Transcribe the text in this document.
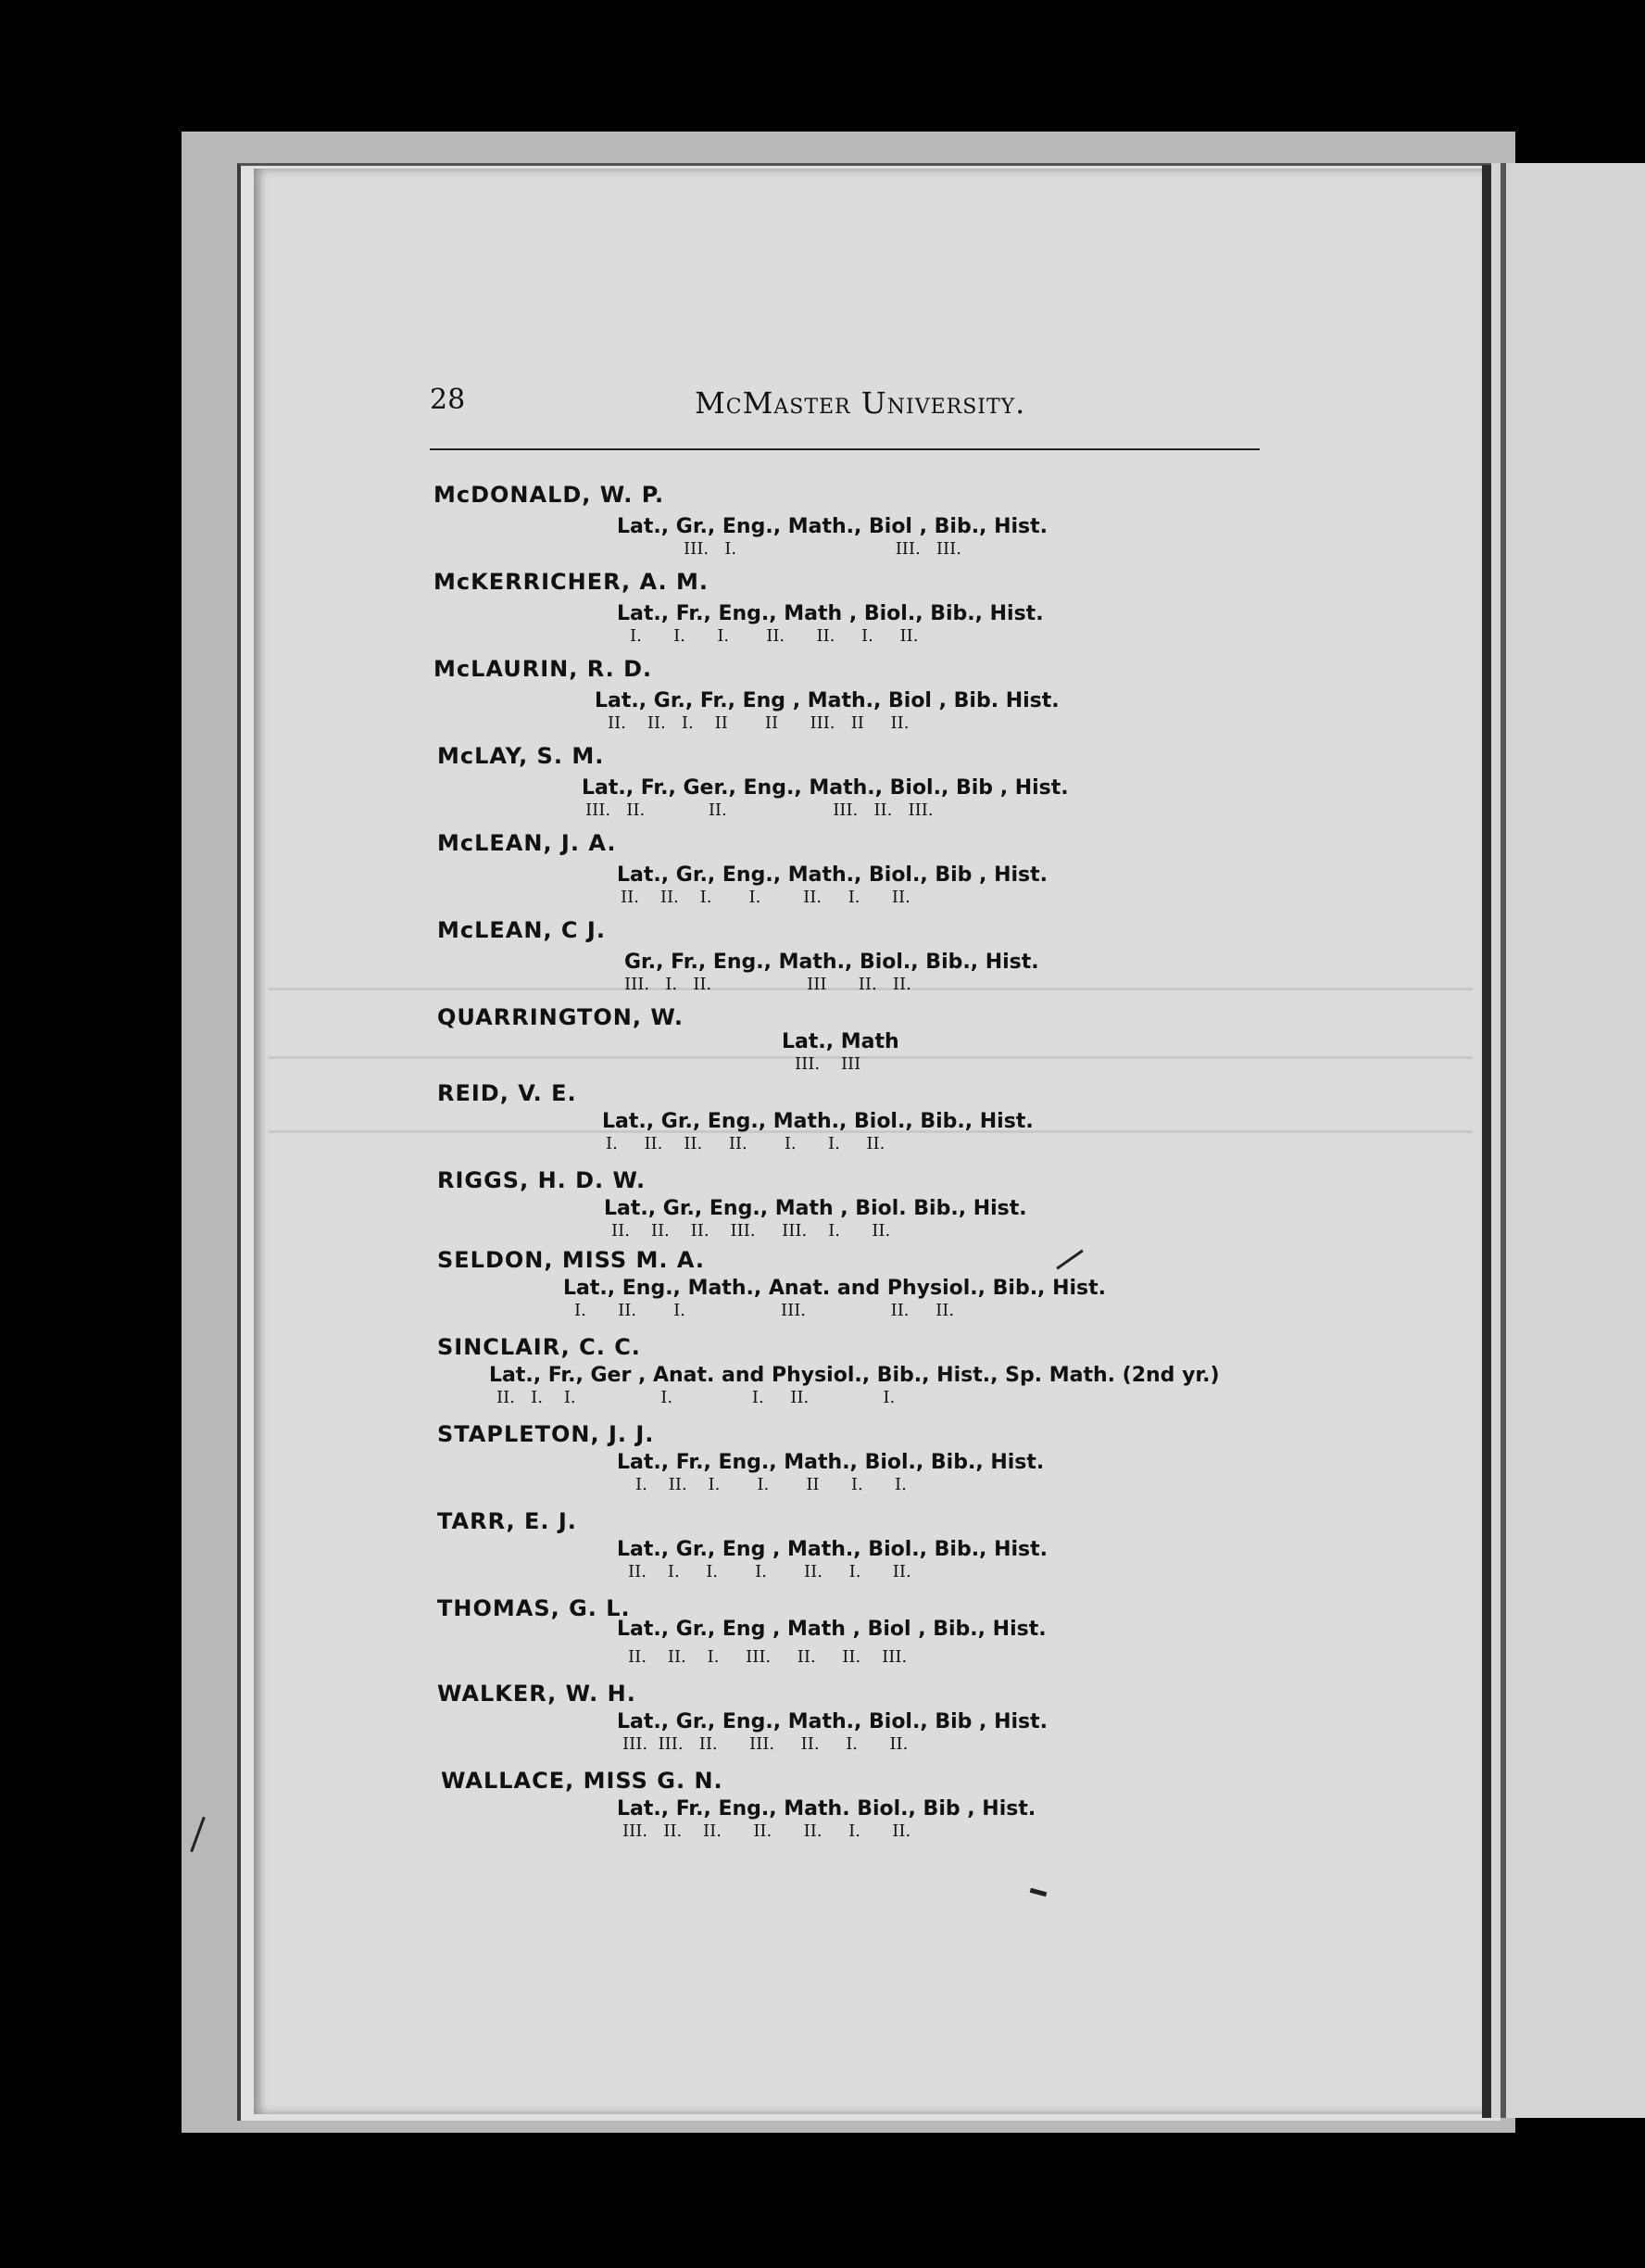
28	McMaster University.
McDONALD, W. P.
Lat., Gr., Eng., Math., Biol , Bib., Hist.
III.   I.                              III.   III.
McKERRICHER, A. M.
Lat., Fr., Eng., Math , Biol., Bib., Hist.
I.      I.      I.       II.      II.     I.     II.
McLAURIN, R. D.
Lat., Gr., Fr., Eng , Math., Biol , Bib. Hist.
II.    II.   I.    II       II      III.   II     II.
McLAY, S. M.
Lat., Fr., Ger., Eng., Math., Biol., Bib , Hist.
III.   II.            II.                    III.   II.   III.
McLEAN, J. A.
Lat., Gr., Eng., Math., Biol., Bib , Hist.
II.    II.    I.       I.        II.     I.      II.
McLEAN, C J.
Gr., Fr., Eng., Math., Biol., Bib., Hist.
III.   I.   II.                  III      II.   II.
QUARRINGTON, W.
Lat., Math
III.    III
REID, V. E.
Lat., Gr., Eng., Math., Biol., Bib., Hist.
I.     II.    II.     II.       I.      I.     II.
RIGGS, H. D. W.
Lat., Gr., Eng., Math , Biol. Bib., Hist.
II.    II.    II.    III.     III.    I.      II.
SELDON, MISS M. A.
Lat., Eng., Math., Anat. and Physiol., Bib., Hist.
I.      II.       I.                  III.                II.     II.
SINCLAIR, C. C.
Lat., Fr., Ger , Anat. and Physiol., Bib., Hist., Sp. Math. (2nd yr.)
II.   I.    I.                I.               I.     II.              I.
STAPLETON, J. J.
Lat., Fr., Eng., Math., Biol., Bib., Hist.
I.    II.    I.       I.       II      I.      I.
TARR, E. J.
Lat., Gr., Eng , Math., Biol., Bib., Hist.
II.    I.     I.       I.       II.     I.      II.
THOMAS, G. L.
Lat., Gr., Eng , Math , Biol , Bib., Hist.
II.    II.    I.     III.     II.     II.    III.
WALKER, W. H.
Lat., Gr., Eng., Math., Biol., Bib , Hist.
III.  III.   II.      III.     II.     I.      II.
WALLACE, MISS G. N.
Lat., Fr., Eng., Math. Biol., Bib , Hist.
III.   II.    II.      II.      II.     I.      II.
